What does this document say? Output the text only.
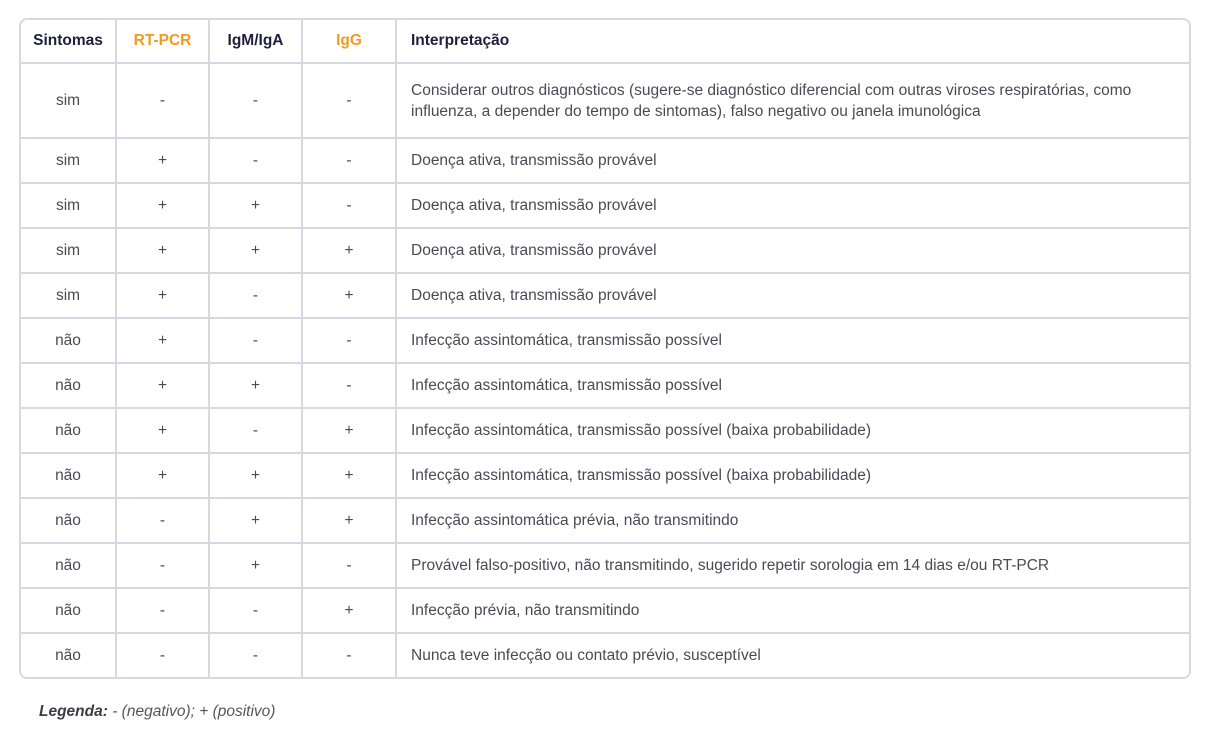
Sintomas	RT-PCR	IgM/IgA	IgG	Interpretação
sim	-	-	-	Considerar outros diagnósticos (sugere-se diagnóstico diferencial com outras viroses respiratórias, como influenza, a depender do tempo de sintomas), falso negativo ou janela imunológica
sim	+	-	-	Doença ativa, transmissão provável
sim	+	+	-	Doença ativa, transmissão provável
sim	+	+	+	Doença ativa, transmissão provável
sim	+	-	+	Doença ativa, transmissão provável
não	+	-	-	Infecção assintomática, transmissão possível
não	+	+	-	Infecção assintomática, transmissão possível
não	+	-	+	Infecção assintomática, transmissão possível (baixa probabilidade)
não	+	+	+	Infecção assintomática, transmissão possível (baixa probabilidade)
não	-	+	+	Infecção assintomática prévia, não transmitindo
não	-	+	-	Provável falso-positivo, não transmitindo, sugerido repetir sorologia em 14 dias e/ou RT-PCR
não	-	-	+	Infecção prévia, não transmitindo
não	-	-	-	Nunca teve infecção ou contato prévio, susceptível
Legenda: - (negativo); + (positivo)
